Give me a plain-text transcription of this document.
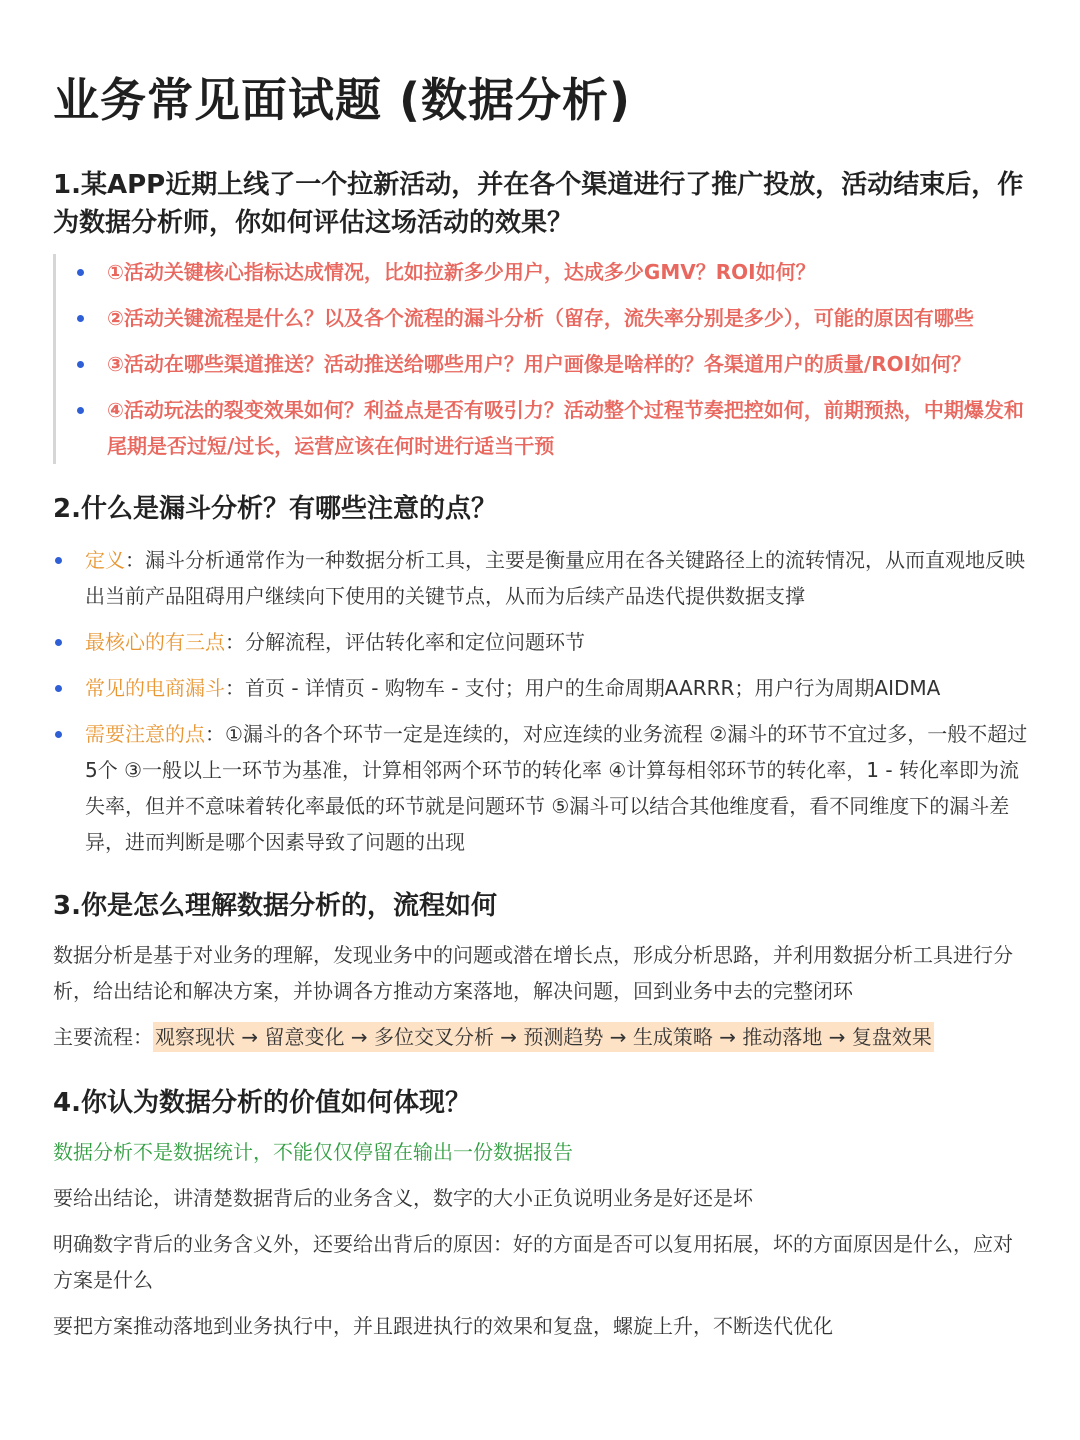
业务常见面试题 (数据分析)
1.某APP近期上线了一个拉新活动，并在各个渠道进行了推广投放，活动结束后，作为数据分析师，你如何评估这场活动的效果？
①活动关键核心指标达成情况，比如拉新多少用户，达成多少GMV？ROI如何？
②活动关键流程是什么？以及各个流程的漏斗分析（留存，流失率分别是多少），可能的原因有哪些
③活动在哪些渠道推送？活动推送给哪些用户？用户画像是啥样的？各渠道用户的质量/ROI如何？
④活动玩法的裂变效果如何？利益点是否有吸引力？活动整个过程节奏把控如何，前期预热，中期爆发和尾期是否过短/过长，运营应该在何时进行适当干预
2.什么是漏斗分析？有哪些注意的点？
定义：漏斗分析通常作为一种数据分析工具，主要是衡量应用在各关键路径上的流转情况，从而直观地反映出当前产品阻碍用户继续向下使用的关键节点，从而为后续产品迭代提供数据支撑
最核心的有三点：分解流程，评估转化率和定位问题环节
常见的电商漏斗：首页 - 详情页 - 购物车 - 支付；用户的生命周期AARRR；用户行为周期AIDMA
需要注意的点：①漏斗的各个环节一定是连续的，对应连续的业务流程 ②漏斗的环节不宜过多，一般不超过5个 ③一般以上一环节为基准，计算相邻两个环节的转化率 ④计算每相邻环节的转化率，1 - 转化率即为流失率，但并不意味着转化率最低的环节就是问题环节 ⑤漏斗可以结合其他维度看，看不同维度下的漏斗差异，进而判断是哪个因素导致了问题的出现
3.你是怎么理解数据分析的，流程如何

数据分析是基于对业务的理解，发现业务中的问题或潜在增长点，形成分析思路，并利用数据分析工具进行分析，给出结论和解决方案，并协调各方推动方案落地，解决问题，回到业务中去的完整闭环

主要流程： 观察现状 → 留意变化 → 多位交叉分析 → 预测趋势 → 生成策略 → 推动落地 → 复盘效果

4.你认为数据分析的价值如何体现？

数据分析不是数据统计，不能仅仅停留在输出一份数据报告

要给出结论，讲清楚数据背后的业务含义，数字的大小正负说明业务是好还是坏

明确数字背后的业务含义外，还要给出背后的原因：好的方面是否可以复用拓展，坏的方面原因是什么，应对方案是什么

要把方案推动落地到业务执行中，并且跟进执行的效果和复盘，螺旋上升，不断迭代优化
